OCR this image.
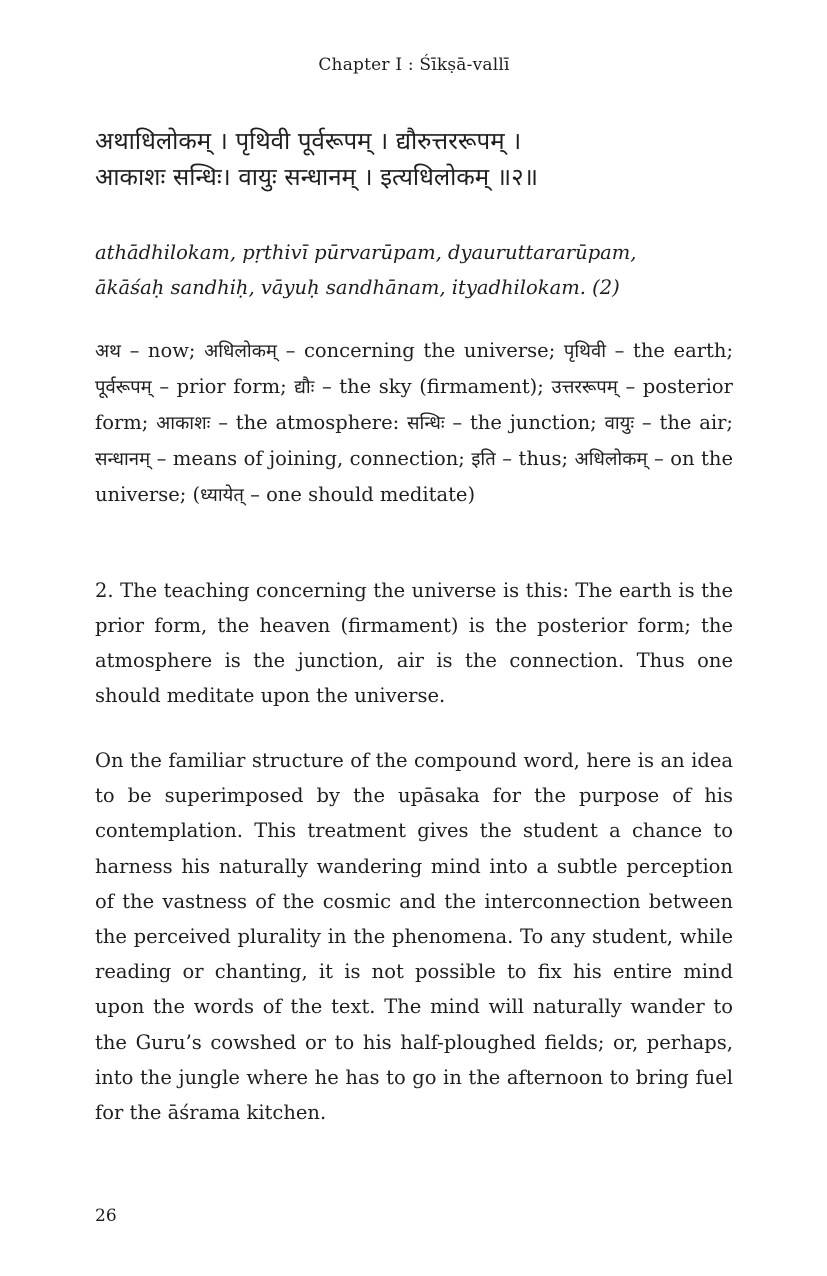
Chapter I : Śīkṣā-vallī
अथाधिलोकम् । पृथिवी पूर्वरूपम् । द्यौरुत्तररूपम् ।
आकाशः सन्धिः। वायुः सन्धानम् । इत्यधिलोकम् ॥२॥
athādhilokam, pṛthivī pūrvarūpam, dyauruttararūpam,
ākāśaḥ sandhiḥ, vāyuḥ sandhānam, ityadhilokam. (2)

अथ – now; अधिलोकम् – concerning the universe; पृथिवी – the earth; पूर्वरूपम् – prior form; द्यौः – the sky (firmament); उत्तररूपम् – posterior form; आकाशः – the atmosphere: सन्धिः – the junction; वायुः – the air; सन्धानम् – means of joining, connection; इति – thus; अधिलोकम् – on the universe; (ध्यायेत् – one should meditate)

2. The teaching concerning the universe is this: The earth is the prior form, the heaven (firmament) is the posterior form; the atmosphere is the junction, air is the connection. Thus one should meditate upon the universe.

On the familiar structure of the compound word, here is an idea to be superimposed by the upāsaka for the purpose of his contemplation. This treatment gives the student a chance to harness his naturally wandering mind into a subtle perception of the vastness of the cosmic and the interconnection between the perceived plurality in the phenomena. To any student, while reading or chanting, it is not possible to fix his entire mind upon the words of the text. The mind will naturally wander to the Guru’s cowshed or to his half-ploughed fields; or, perhaps, into the jungle where he has to go in the afternoon to bring fuel for the āśrama kitchen.

26
